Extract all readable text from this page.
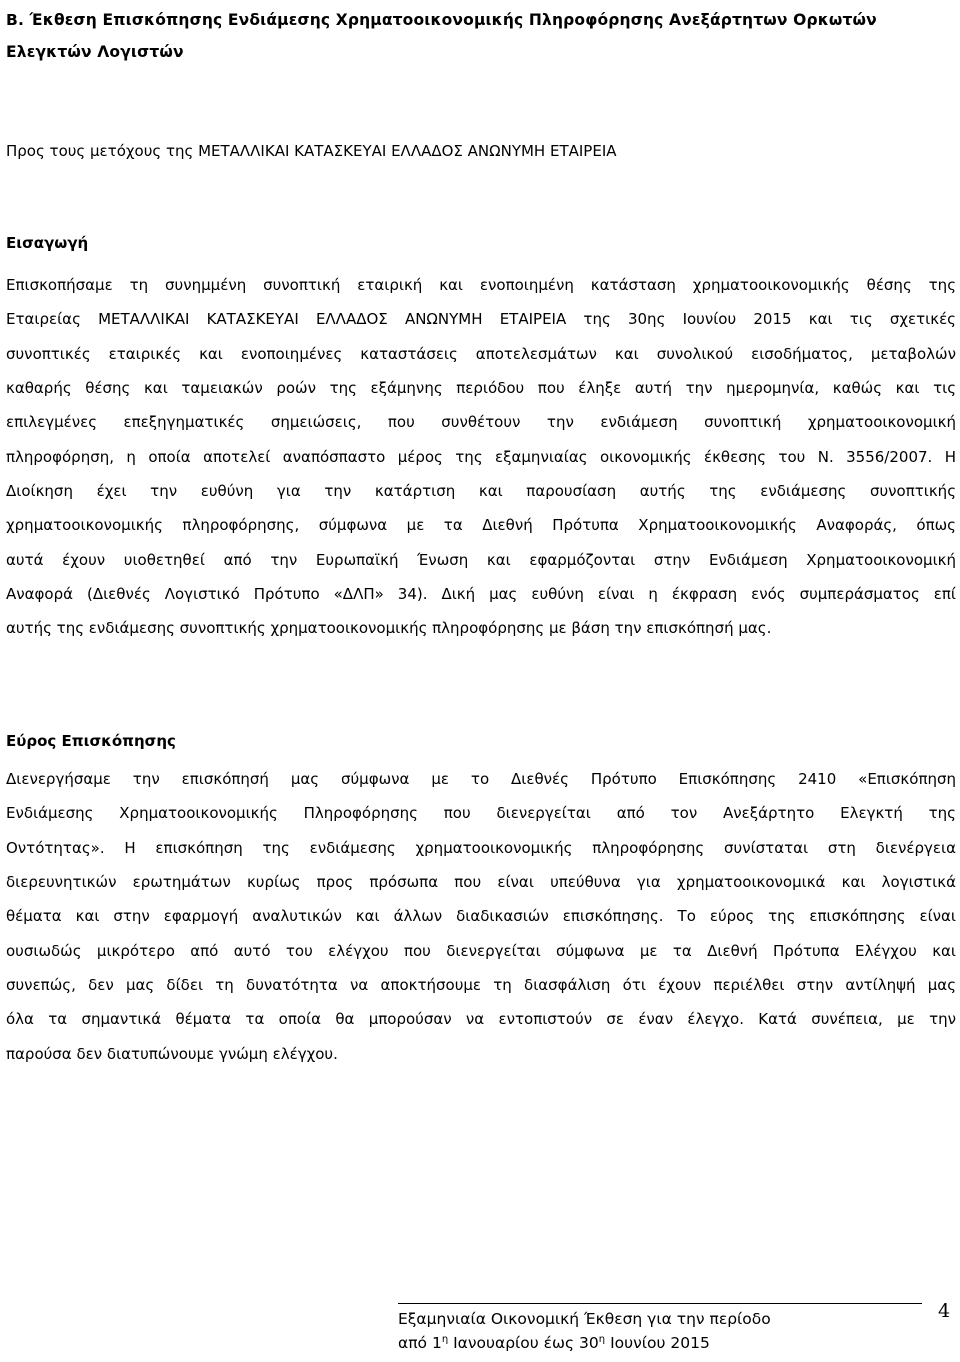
B. Έκθεση Επισκόπησης Ενδιάμεσης Χρηματοοικονομικής Πληροφόρησης Ανεξάρτητων Ορκωτών Ελεγκτών Λογιστών
Προς τους μετόχους της ΜΕΤΑΛΛΙΚΑΙ ΚΑΤΑΣΚΕΥΑΙ ΕΛΛΑΔΟΣ ΑΝΩΝΥΜΗ ΕΤΑΙΡΕΙΑ
Εισαγωγή
Επισκοπήσαμε τη συνημμένη συνοπτική εταιρική και ενοποιημένη κατάσταση χρηματοοικονομικής θέσης της
Εταιρείας ΜΕΤΑΛΛΙΚΑΙ ΚΑΤΑΣΚΕΥΑΙ ΕΛΛΑΔΟΣ ΑΝΩΝΥΜΗ ΕΤΑΙΡΕΙΑ της 30ης Ιουνίου 2015 και τις σχετικές
συνοπτικές εταιρικές και ενοποιημένες καταστάσεις αποτελεσμάτων και συνολικού εισοδήματος, μεταβολών
καθαρής θέσης και ταμειακών ροών της εξάμηνης περιόδου που έληξε αυτή την ημερομηνία, καθώς και τις
επιλεγμένες επεξηγηματικές σημειώσεις, που συνθέτουν την ενδιάμεση συνοπτική χρηματοοικονομική
πληροφόρηση, η οποία αποτελεί αναπόσπαστο μέρος της εξαμηνιαίας οικονομικής έκθεσης του Ν. 3556/2007. Η
Διοίκηση έχει την ευθύνη για την κατάρτιση και παρουσίαση αυτής της ενδιάμεσης συνοπτικής
χρηματοοικονομικής πληροφόρησης, σύμφωνα με τα Διεθνή Πρότυπα Χρηματοοικονομικής Αναφοράς, όπως
αυτά έχουν υιοθετηθεί από την Ευρωπαϊκή Ένωση και εφαρμόζονται στην Ενδιάμεση Χρηματοοικονομική
Αναφορά (Διεθνές Λογιστικό Πρότυπο «ΔΛΠ» 34). Δική μας ευθύνη είναι η έκφραση ενός συμπεράσματος επί
αυτής της ενδιάμεσης συνοπτικής χρηματοοικονομικής πληροφόρησης με βάση την επισκόπησή μας.
Εύρος Επισκόπησης
Διενεργήσαμε την επισκόπησή μας σύμφωνα με το Διεθνές Πρότυπο Επισκόπησης 2410 «Επισκόπηση
Ενδιάμεσης Χρηματοοικονομικής Πληροφόρησης που διενεργείται από τον Ανεξάρτητο Ελεγκτή της
Οντότητας». Η επισκόπηση της ενδιάμεσης χρηματοοικονομικής πληροφόρησης συνίσταται στη διενέργεια
διερευνητικών ερωτημάτων κυρίως προς πρόσωπα που είναι υπεύθυνα για χρηματοοικονομικά και λογιστικά
θέματα και στην εφαρμογή αναλυτικών και άλλων διαδικασιών επισκόπησης. Το εύρος της επισκόπησης είναι
ουσιωδώς μικρότερο από αυτό του ελέγχου που διενεργείται σύμφωνα με τα Διεθνή Πρότυπα Ελέγχου και
συνεπώς, δεν μας δίδει τη δυνατότητα να αποκτήσουμε τη διασφάλιση ότι έχουν περιέλθει στην αντίληψή μας
όλα τα σημαντικά θέματα τα οποία θα μπορούσαν να εντοπιστούν σε έναν έλεγχο. Κατά συνέπεια, με την
παρούσα δεν διατυπώνουμε γνώμη ελέγχου.
Εξαμηνιαία Οικονομική Έκθεση για την περίοδο
από $1^\eta$ Ιανουαρίου έως $30^\eta$ Ιουνίου 2015
4
